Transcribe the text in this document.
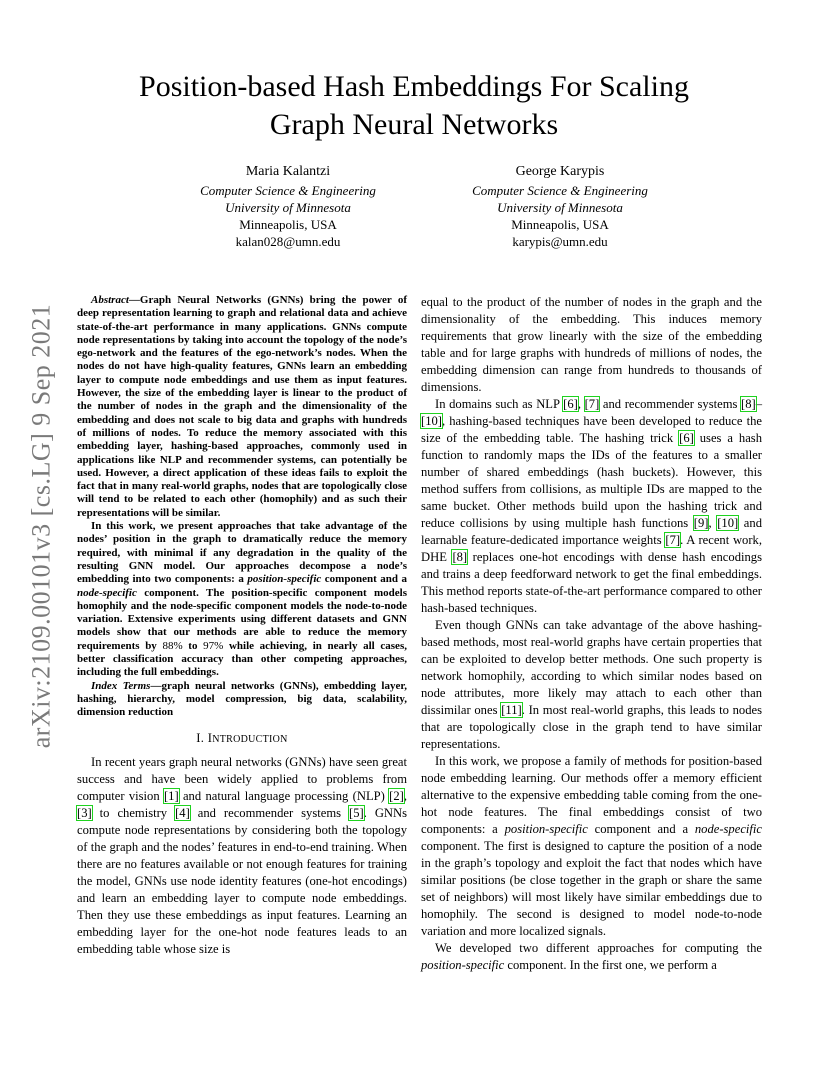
arXiv:2109.00101v3 [cs.LG] 9 Sep 2021
Position-based Hash Embeddings For Scaling
Graph Neural Networks
Maria Kalantzi
Computer Science & Engineering
University of Minnesota
Minneapolis, USA
kalan028@umn.edu
George Karypis
Computer Science & Engineering
University of Minnesota
Minneapolis, USA
karypis@umn.edu

Abstract—Graph Neural Networks (GNNs) bring the power of deep representation learning to graph and relational data and achieve state-of-the-art performance in many applications. GNNs compute node representations by taking into account the topology of the node’s ego-network and the features of the ego-network’s nodes. When the nodes do not have high-quality features, GNNs learn an embedding layer to compute node embeddings and use them as input features. However, the size of the embedding layer is linear to the product of the number of nodes in the graph and the dimensionality of the embedding and does not scale to big data and graphs with hundreds of millions of nodes. To reduce the memory associated with this embedding layer, hashing-based approaches, commonly used in applications like NLP and recommender systems, can potentially be used. However, a direct application of these ideas fails to exploit the fact that in many real-world graphs, nodes that are topologically close will tend to be related to each other (homophily) and as such their representations will be similar.

In this work, we present approaches that take advantage of the nodes’ position in the graph to dramatically reduce the memory required, with minimal if any degradation in the quality of the resulting GNN model. Our approaches decompose a node’s embedding into two components: a position-specific component and a node-specific component. The position-specific component models homophily and the node-specific component models the node-to-node variation. Extensive experiments using different datasets and GNN models show that our methods are able to reduce the memory requirements by 88% to 97% while achieving, in nearly all cases, better classification accuracy than other competing approaches, including the full embeddings.

Index Terms—graph neural networks (GNNs), embedding layer, hashing, hierarchy, model compression, big data, scalability, dimension reduction

I. INTRODUCTION

In recent years graph neural networks (GNNs) have seen great success and have been widely applied to problems from computer vision [1] and natural language processing (NLP) [2], [3] to chemistry [4] and recommender systems [5]. GNNs compute node representations by considering both the topology of the graph and the nodes’ features in end-to-end training. When there are no features available or not enough features for training the model, GNNs use node identity features (one-hot encodings) and learn an embedding layer to compute node embeddings. Then they use these embeddings as input features. Learning an embedding layer for the one-hot node features leads to an embedding table whose size is

equal to the product of the number of nodes in the graph and the dimensionality of the embedding. This induces memory requirements that grow linearly with the size of the embedding table and for large graphs with hundreds of millions of nodes, the embedding dimension can range from hundreds to thousands of dimensions.

In domains such as NLP [6], [7] and recommender systems [8]–[10], hashing-based techniques have been developed to reduce the size of the embedding table. The hashing trick [6] uses a hash function to randomly maps the IDs of the features to a smaller number of shared embeddings (hash buckets). However, this method suffers from collisions, as multiple IDs are mapped to the same bucket. Other methods build upon the hashing trick and reduce collisions by using multiple hash functions [9], [10] and learnable feature-dedicated importance weights [7]. A recent work, DHE [8] replaces one-hot encodings with dense hash encodings and trains a deep feedforward network to get the final embeddings. This method reports state-of-the-art performance compared to other hash-based techniques.

Even though GNNs can take advantage of the above hashing-based methods, most real-world graphs have certain properties that can be exploited to develop better methods. One such property is network homophily, according to which similar nodes based on node attributes, more likely may attach to each other than dissimilar ones [11]. In most real-world graphs, this leads to nodes that are topologically close in the graph tend to have similar representations.

In this work, we propose a family of methods for position-based node embedding learning. Our methods offer a memory efficient alternative to the expensive embedding table coming from the one-hot node features. The final embeddings consist of two components: a position-specific component and a node-specific component. The first is designed to capture the position of a node in the graph’s topology and exploit the fact that nodes which have similar positions (be close together in the graph or share the same set of neighbors) will most likely have similar embeddings due to homophily. The second is designed to model node-to-node variation and more localized signals.

We developed two different approaches for computing the position-specific component. In the first one, we perform a
